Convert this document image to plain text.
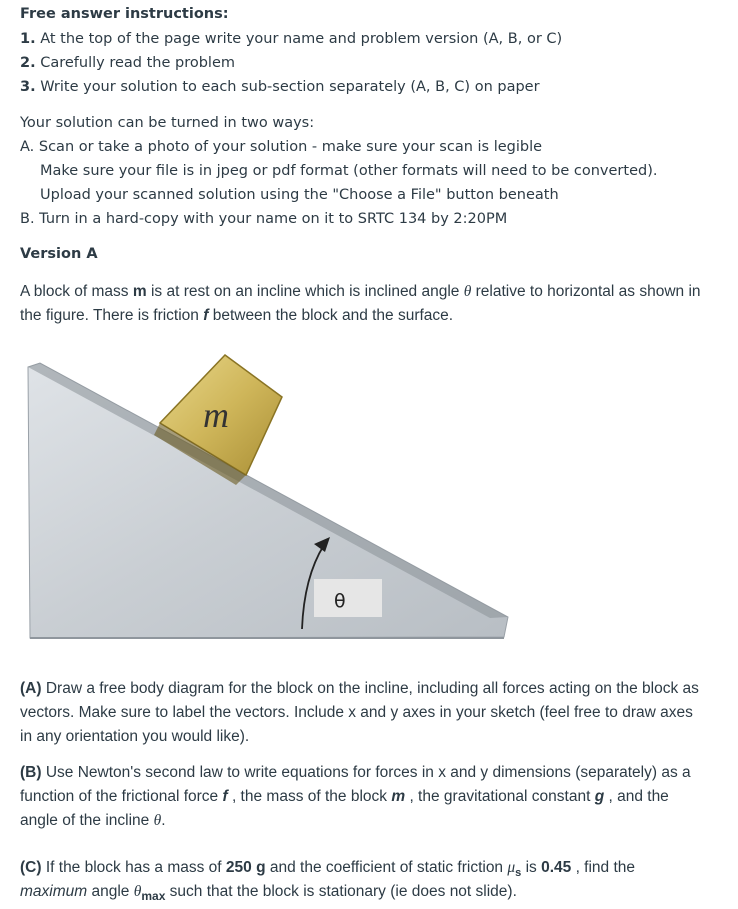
Free answer instructions:
1. At the top of the page write your name and problem version (A, B, or C)
2. Carefully read the problem
3. Write your solution to each sub-section separately (A, B, C) on paper
Your solution can be turned in two ways:
A. Scan or take a photo of your solution - make sure your scan is legible
Make sure your file is in jpeg or pdf format (other formats will need to be converted).
Upload your scanned solution using the "Choose a File" button beneath
B. Turn in a hard-copy with your name on it to SRTC 134 by 2:20PM
Version A
A block of mass m is at rest on an incline which is inclined angle θ relative to horizontal as shown in
the figure. There is friction f between the block and the surface.
m
θ
(A) Draw a free body diagram for the block on the incline, including all forces acting on the block as
vectors. Make sure to label the vectors. Include x and y axes in your sketch (feel free to draw axes
in any orientation you would like).
(B) Use Newton's second law to write equations for forces in x and y dimensions (separately) as a
function of the frictional force f , the mass of the block m , the gravitational constant g , and the
angle of the incline θ.
(C) If the block has a mass of 250 g and the coefficient of static friction $\mu_s$ is 0.45 , find the
maximum angle $\theta_{max}$ such that the block is stationary (ie does not slide).
